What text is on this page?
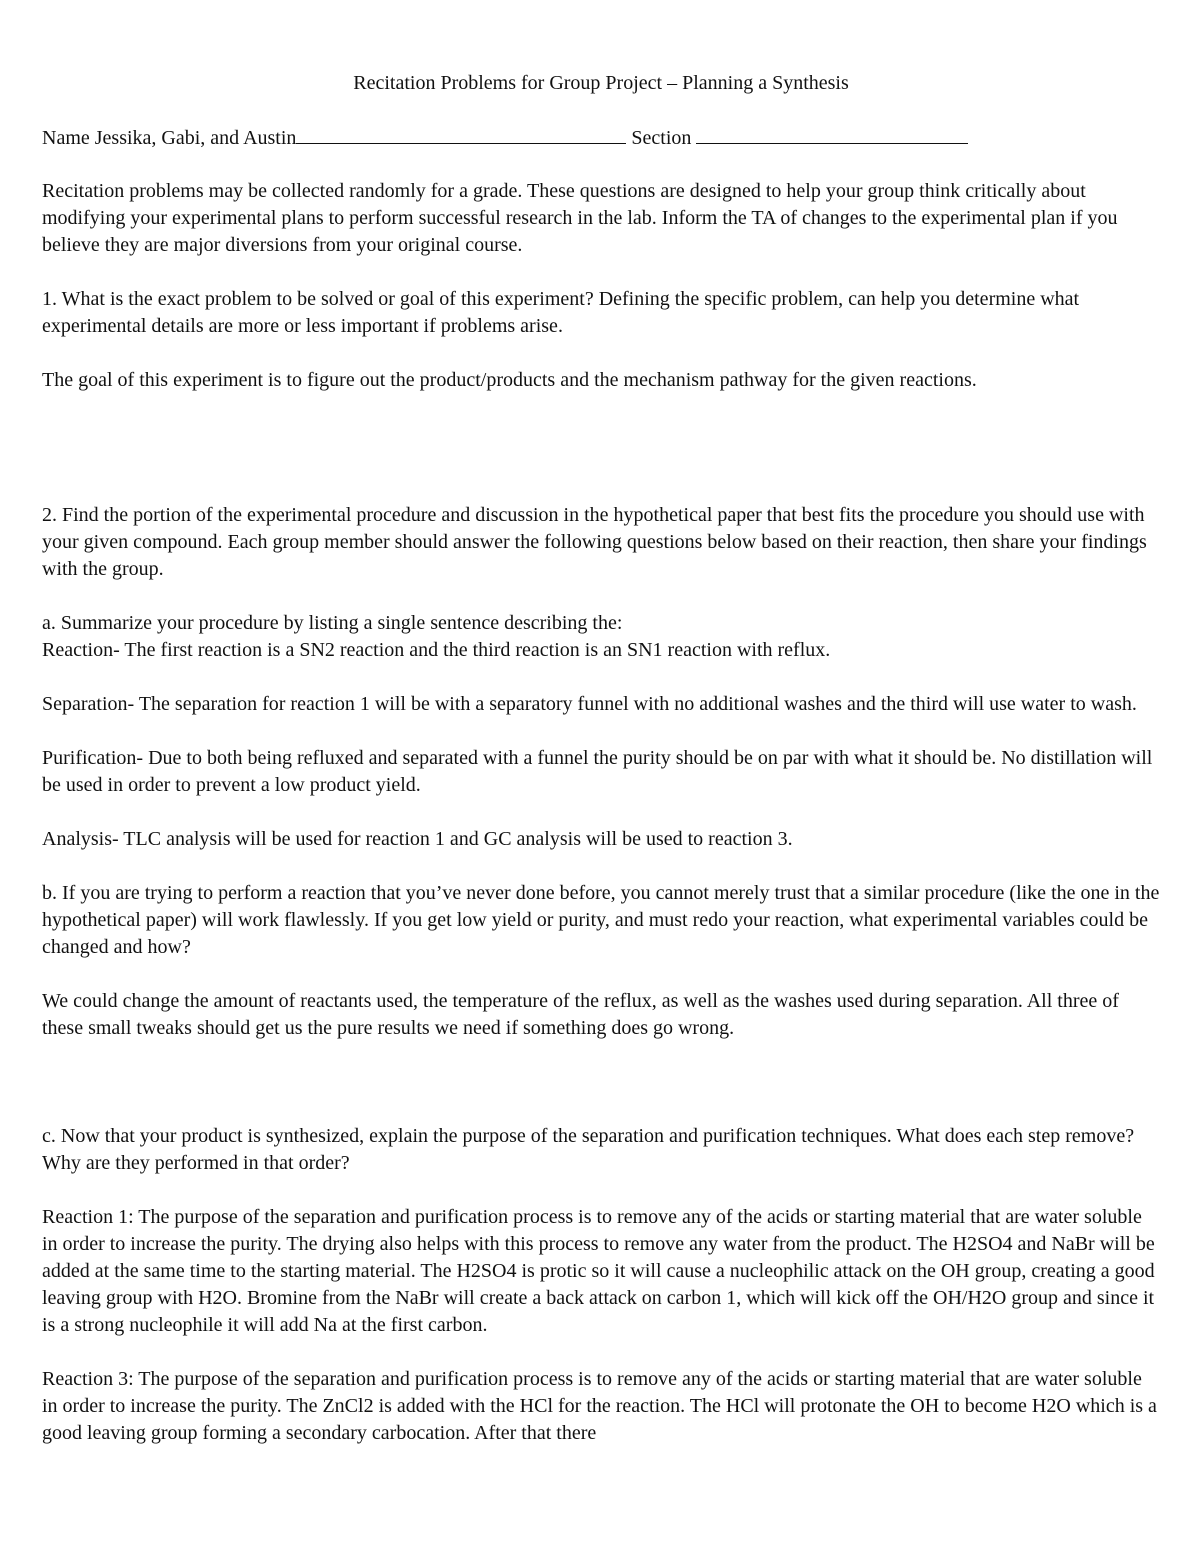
Recitation Problems for Group Project – Planning a Synthesis
Name Jessika, Gabi, and Austin	Section

Recitation problems may be collected randomly for a grade. These questions are designed to help your group think critically about modifying your experimental plans to perform successful research in the lab. Inform the TA of changes to the experimental plan if you believe they are major diversions from your original course.

1. What is the exact problem to be solved or goal of this experiment? Defining the specific problem, can help you determine what experimental details are more or less important if problems arise.

The goal of this experiment is to figure out the product/products and the mechanism pathway for the given reactions.

2. Find the portion of the experimental procedure and discussion in the hypothetical paper that best fits the procedure you should use with your given compound. Each group member should answer the following questions below based on their reaction, then share your findings with the group.

a. Summarize your procedure by listing a single sentence describing the:

Reaction- The first reaction is a SN2 reaction and the third reaction is an SN1 reaction with reflux.

Separation- The separation for reaction 1 will be with a separatory funnel with no additional washes and the third will use water to wash.

Purification- Due to both being refluxed and separated with a funnel the purity should be on par with what it should be. No distillation will be used in order to prevent a low product yield.

Analysis- TLC analysis will be used for reaction 1 and GC analysis will be used to reaction 3.

b. If you are trying to perform a reaction that you’ve never done before, you cannot merely trust that a similar procedure (like the one in the hypothetical paper) will work flawlessly. If you get low yield or purity, and must redo your reaction, what experimental variables could be changed and how?

We could change the amount of reactants used, the temperature of the reflux, as well as the washes used during separation. All three of these small tweaks should get us the pure results we need if something does go wrong.

c. Now that your product is synthesized, explain the purpose of the separation and purification techniques. What does each step remove? Why are they performed in that order?

Reaction 1: The purpose of the separation and purification process is to remove any of the acids or starting material that are water soluble in order to increase the purity. The drying also helps with this process to remove any water from the product. The H2SO4 and NaBr will be added at the same time to the starting material. The H2SO4 is protic so it will cause a nucleophilic attack on the OH group, creating a good leaving group with H2O. Bromine from the NaBr will create a back attack on carbon 1, which will kick off the OH/H2O group and since it is a strong nucleophile it will add Na at the first carbon.

Reaction 3: The purpose of the separation and purification process is to remove any of the acids or starting material that are water soluble in order to increase the purity. The ZnCl2 is added with the HCl for the reaction. The HCl will protonate the OH to become H2O which is a good leaving group forming a secondary carbocation. After that there
